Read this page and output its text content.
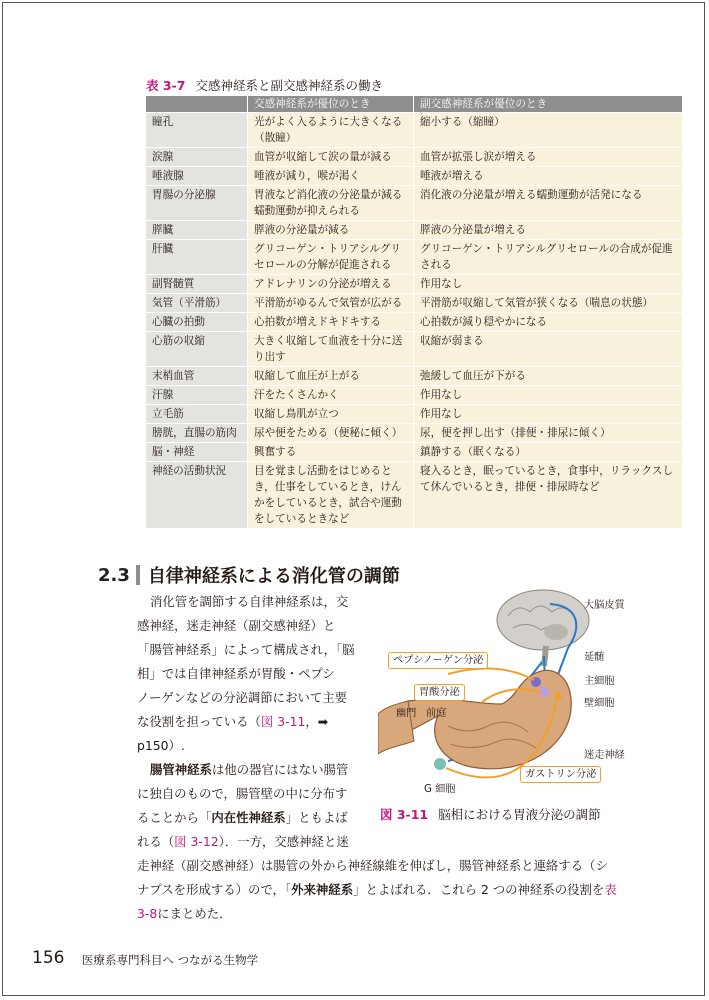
表 3-7 交感神経系と副交感神経系の働き
	交感神経系が優位のとき	副交感神経系が優位のとき
瞳孔	光がよく入るように大きくなる（散瞳）	縮小する（縮瞳）
涙腺	血管が収縮して涙の量が減る	血管が拡張し涙が増える
唾液腺	唾液が減り，喉が渇く	唾液が増える
胃腸の分泌腺	胃液など消化液の分泌量が減る蠕動運動が抑えられる	消化液の分泌量が増える蠕動運動が活発になる
膵臓	膵液の分泌量が減る	膵液の分泌量が増える
肝臓	グリコーゲン・トリアシルグリセロールの分解が促進される	グリコーゲン・トリアシルグリセロールの合成が促進される
副腎髄質	アドレナリンの分泌が増える	作用なし
気管（平滑筋）	平滑筋がゆるんで気管が広がる	平滑筋が収縮して気管が狭くなる（喘息の状態）
心臓の拍動	心拍数が増えドキドキする	心拍数が減り穏やかになる
心筋の収縮	大きく収縮して血液を十分に送り出す	収縮が弱まる
末梢血管	収縮して血圧が上がる	弛緩して血圧が下がる
汗腺	汗をたくさんかく	作用なし
立毛筋	収縮し鳥肌が立つ	作用なし
膀胱，直腸の筋肉	尿や便をためる（便秘に傾く）	尿，便を押し出す（排便・排尿に傾く）
脳・神経	興奮する	鎮静する（眠くなる）
神経の活動状況	目を覚まし活動をはじめるとき，仕事をしているとき，けんかをしているとき，試合や運動をしているときなど	寝入るとき，眠っているとき，食事中，リラックスして休んでいるとき，排便・排尿時など
2.3 自律神経系による消化管の調節
消化管を調節する自律神経系は，交
感神経，迷走神経（副交感神経）と
「腸管神経系」によって構成され，「脳
相」では自律神経系が胃酸・ペプシ
ノーゲンなどの分泌調節において主要
な役割を担っている（図 3-11，➡
p150）.
腸管神経系は他の器官にはない腸管
に独自のもので，腸管壁の中に分布す
ることから「内在性神経系」ともよば
れる（図 3-12）．一方，交感神経と迷
走神経（副交感神経）は腸管の外から神経線維を伸ばし，腸管神経系と連絡する（シ
ナプスを形成する）ので，「外来神経系」とよばれる．これら 2 つの神経系の役割を表
3-8にまとめた．
大脳皮質
延髄
主細胞
壁細胞
迷走神経
幽門 前庭
G 細胞
ペプシノーゲン分泌
胃酸分泌
ガストリン分泌
図 3-11 脳相における胃液分泌の調節
156 医療系専門科目へ つながる生物学
